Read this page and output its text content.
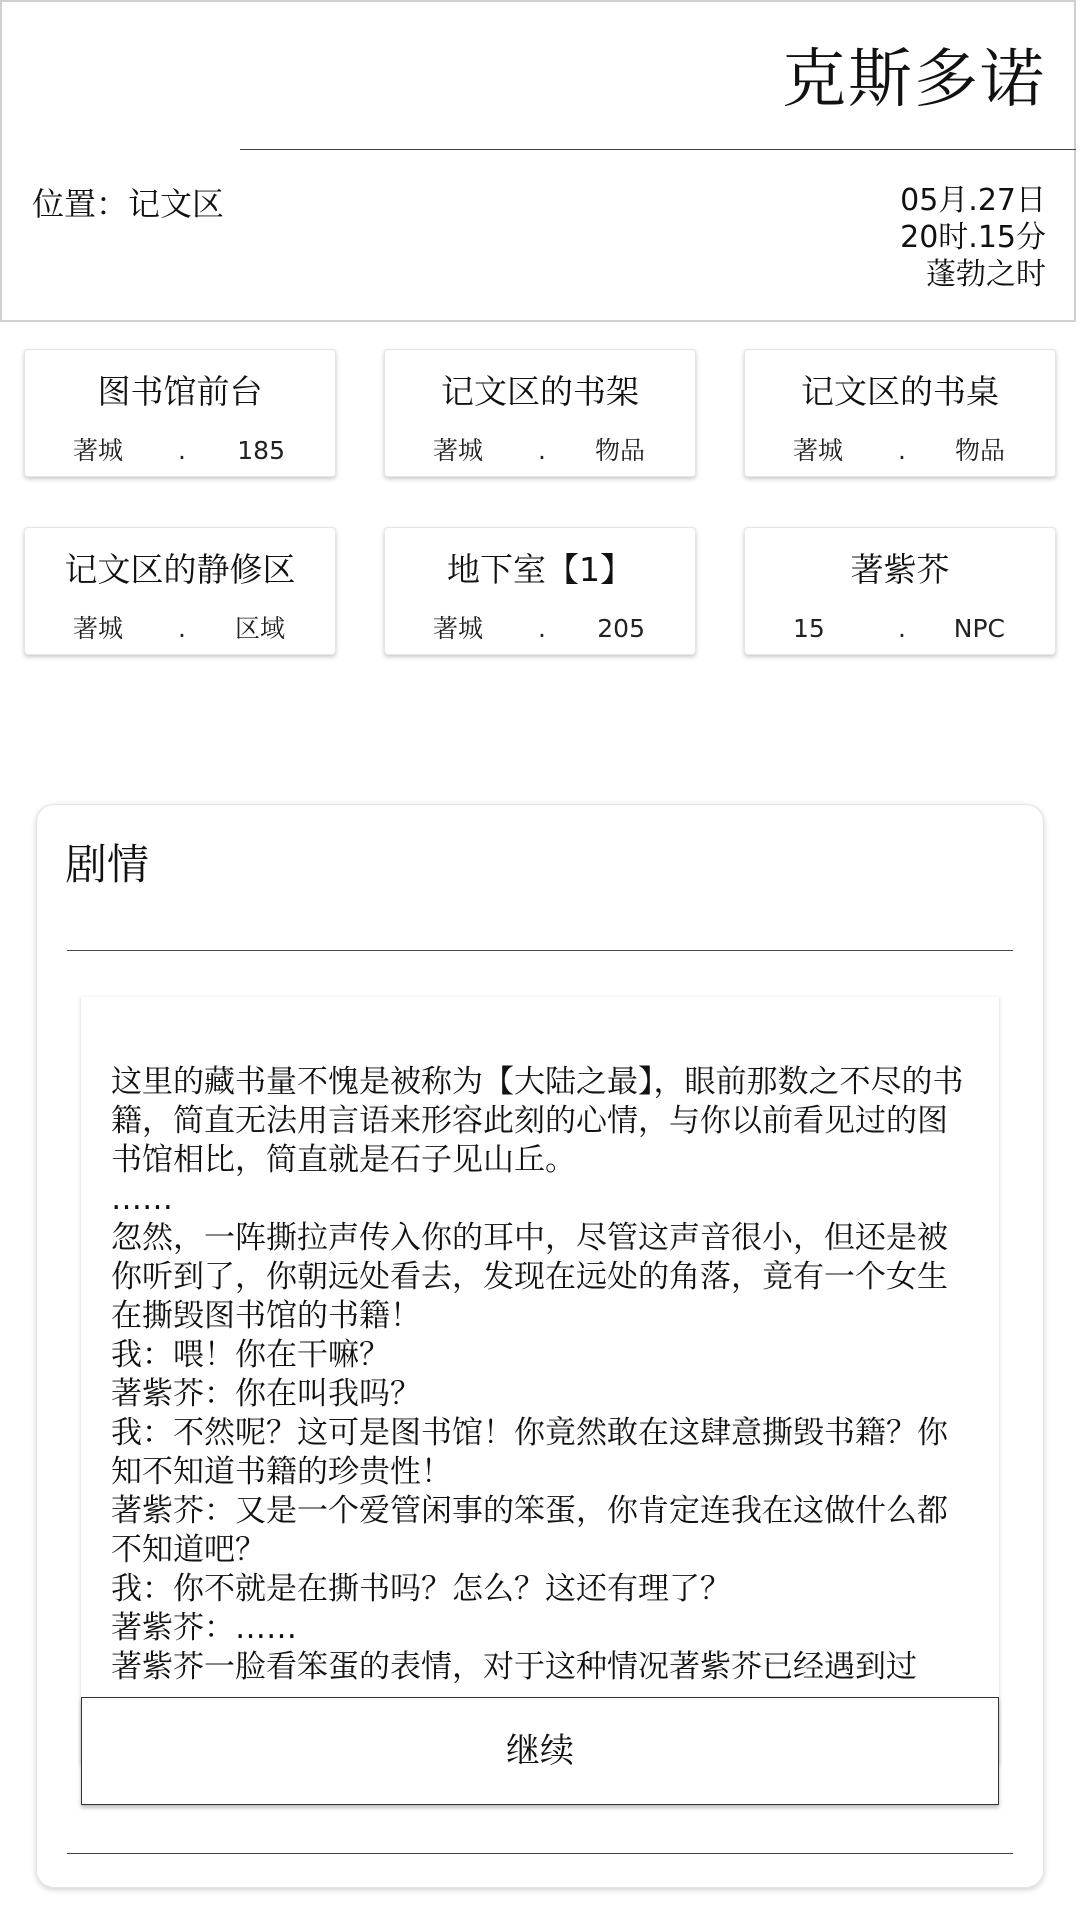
克斯多诺
位置：记文区	05月.27日
20时.15分
蓬勃之时
图书馆前台
著城 . 185
记文区的书架
著城 . 物品
记文区的书桌
著城 . 物品
记文区的静修区
著城 . 区域
地下室【1】
著城 . 205
著紫芥
15	. NPC
剧情

这里的藏书量不愧是被称为【大陆之最】，眼前那数之不尽的书籍，简直无法用言语来形容此刻的心情，与你以前看见过的图书馆相比，简直就是石子见山丘。

……

忽然，一阵撕拉声传入你的耳中，尽管这声音很小，但还是被你听到了，你朝远处看去，发现在远处的角落，竟有一个女生在撕毁图书馆的书籍！

我：喂！你在干嘛？

著紫芥：你在叫我吗？

我：不然呢？这可是图书馆！你竟然敢在这肆意撕毁书籍？你知不知道书籍的珍贵性！

著紫芥：又是一个爱管闲事的笨蛋，你肯定连我在这做什么都不知道吧？

我：你不就是在撕书吗？怎么？这还有理了？

著紫芥：……

著紫芥一脸看笨蛋的表情，对于这种情况著紫芥已经遇到过

继续
